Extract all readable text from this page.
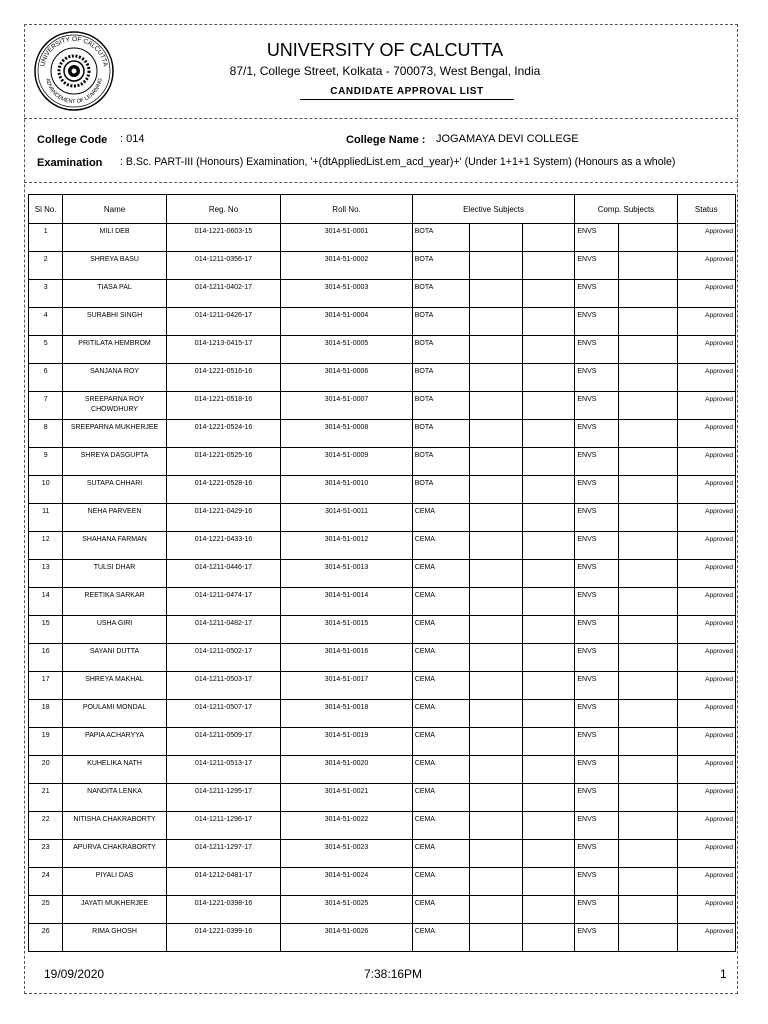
UNIVERSITY OF CALCUTTA
ADVANCEMENT OF LEARNING
UNIVERSITY OF CALCUTTA
87/1, College Street, Kolkata - 700073, West Bengal, India
CANDIDATE APPROVAL LIST
College Code : 014	College Name : JOGAMAYA DEVI COLLEGE
Examination : B.Sc. PART-III (Honours) Examination, '+(dtAppliedList.em_acd_year)+' (Under 1+1+1 System) (Honours as a whole)
Sl No.	Name	Reg. No	Roll No.	Elective Subjects			Comp. Subjects		Status
1	MILI DEB	014-1221-0603-15	3014-51-0001	BOTA			ENVS		Approved
2	SHREYA BASU	014-1211-0356-17	3014-51-0002	BOTA			ENVS		Approved
3	TIASA PAL	014-1211-0402-17	3014-51-0003	BOTA			ENVS		Approved
4	SURABHI SINGH	014-1211-0426-17	3014-51-0004	BOTA			ENVS		Approved
5	PRITILATA HEMBROM	014-1213-0415-17	3014-51-0005	BOTA			ENVS		Approved
6	SANJANA ROY	014-1221-0516-16	3014-51-0006	BOTA			ENVS		Approved
7	SREEPARNA ROY CHOWDHURY	014-1221-0518-16	3014-51-0007	BOTA			ENVS		Approved
8	SREEPARNA MUKHERJEE	014-1221-0524-16	3014-51-0008	BOTA			ENVS		Approved
9	SHREYA DASGUPTA	014-1221-0525-16	3014-51-0009	BOTA			ENVS		Approved
10	SUTAPA CHHARI	014-1221-0528-16	3014-51-0010	BOTA			ENVS		Approved
11	NEHA PARVEEN	014-1221-0429-16	3014-51-0011	CEMA			ENVS		Approved
12	SHAHANA FARMAN	014-1221-0433-16	3014-51-0012	CEMA			ENVS		Approved
13	TULSI DHAR	014-1211-0446-17	3014-51-0013	CEMA			ENVS		Approved
14	REETIKA SARKAR	014-1211-0474-17	3014-51-0014	CEMA			ENVS		Approved
15	USHA GIRI	014-1211-0482-17	3014-51-0015	CEMA			ENVS		Approved
16	SAYANI DUTTA	014-1211-0502-17	3014-51-0016	CEMA			ENVS		Approved
17	SHREYA MAKHAL	014-1211-0503-17	3014-51-0017	CEMA			ENVS		Approved
18	POULAMI MONDAL	014-1211-0507-17	3014-51-0018	CEMA			ENVS		Approved
19	PAPIA ACHARYYA	014-1211-0509-17	3014-51-0019	CEMA			ENVS		Approved
20	KUHELIKA NATH	014-1211-0513-17	3014-51-0020	CEMA			ENVS		Approved
21	NANDITA LENKA	014-1211-1295-17	3014-51-0021	CEMA			ENVS		Approved
22	NITISHA CHAKRABORTY	014-1211-1296-17	3014-51-0022	CEMA			ENVS		Approved
23	APURVA CHAKRABORTY	014-1211-1297-17	3014-51-0023	CEMA			ENVS		Approved
24	PIYALI DAS	014-1212-0481-17	3014-51-0024	CEMA			ENVS		Approved
25	JAYATI MUKHERJEE	014-1221-0398-16	3014-51-0025	CEMA			ENVS		Approved
26	RIMA GHOSH	014-1221-0399-16	3014-51-0026	CEMA			ENVS		Approved
19/09/2020	7:38:16PM	1
